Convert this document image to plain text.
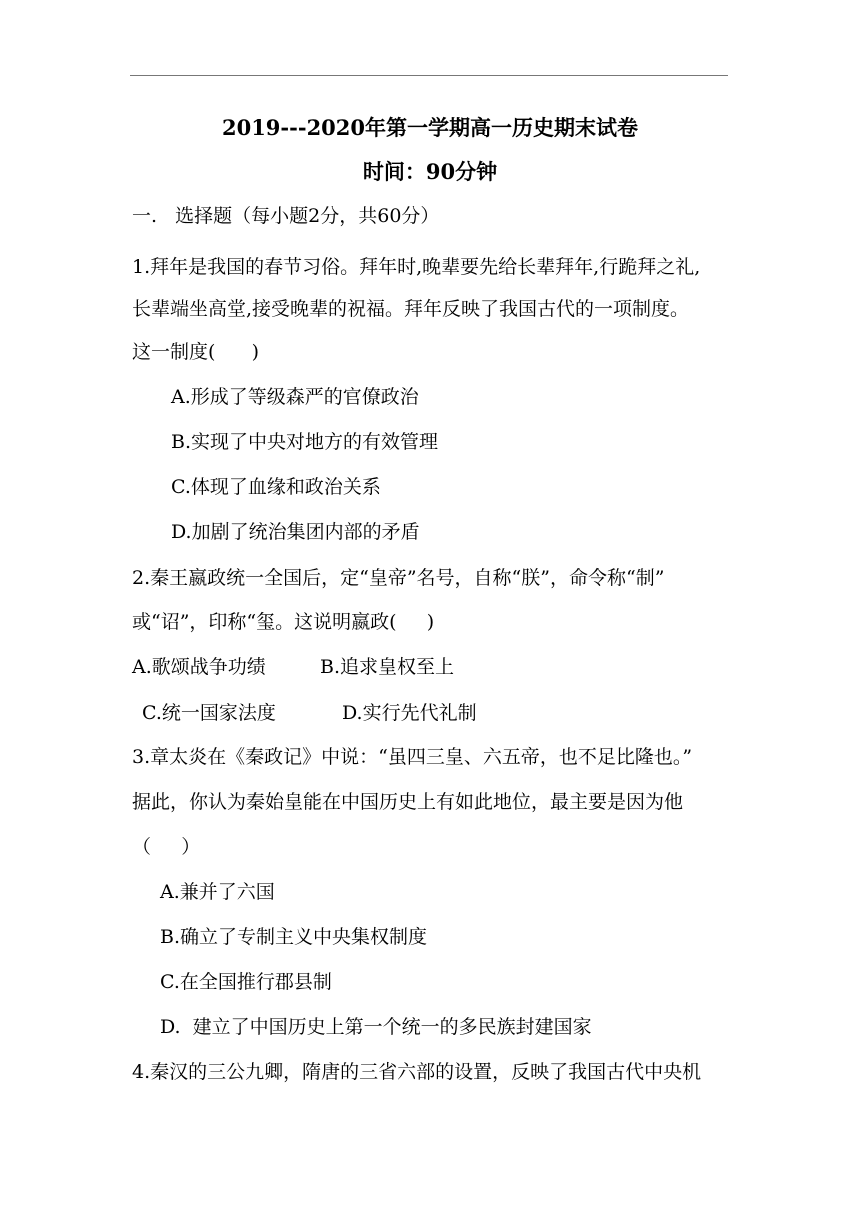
2019---2020年第一学期高一历史期末试卷
时间：90分钟
一.   选择题（每小题2分，共60分）
1.拜年是我国的春节习俗。拜年时,晚辈要先给长辈拜年,行跪拜之礼,
长辈端坐高堂,接受晚辈的祝福。拜年反映了我国古代的一项制度。
这一制度(      )
A.形成了等级森严的官僚政治
B.实现了中央对地方的有效管理
C.体现了血缘和政治关系
D.加剧了统治集团内部的矛盾
2.秦王嬴政统一全国后，定“皇帝”名号，自称“朕”，命令称“制”
或“诏”，印称“玺。这说明嬴政(     )
A.歌颂战争功绩	B.追求皇权至上
C.统一国家法度	D.实行先代礼制
3.章太炎在《秦政记》中说：“虽四三皇、六五帝，也不足比隆也。”
据此，你认为秦始皇能在中国历史上有如此地位，最主要是因为他
（     ）
A.兼并了六国
B.确立了专制主义中央集权制度
C.在全国推行郡县制
D.  建立了中国历史上第一个统一的多民族封建国家
4.秦汉的三公九卿，隋唐的三省六部的设置，反映了我国古代中央机
